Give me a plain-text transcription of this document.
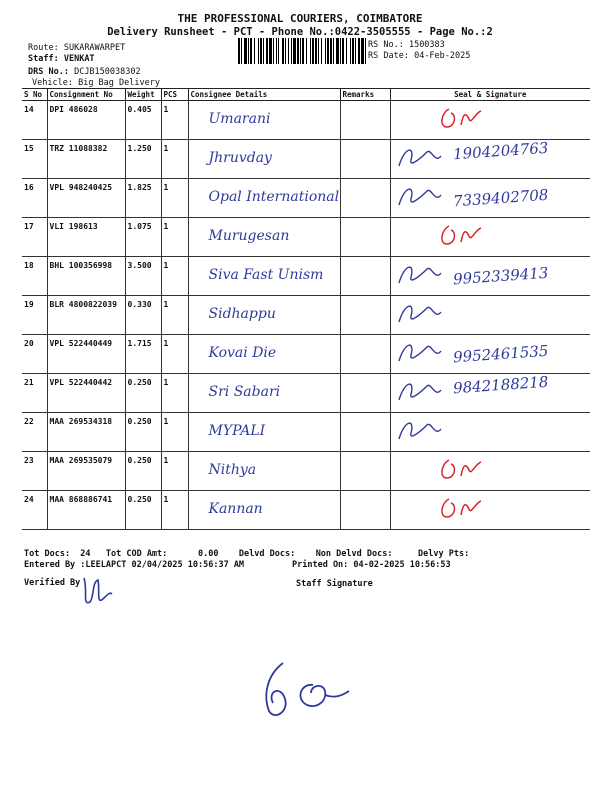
THE PROFESSIONAL COURIERS, COIMBATORE
Delivery Runsheet - PCT - Phone No.:0422-3505555 - Page No.:2
Route: SUKARAWARPET
Staff: VENKAT
DRS No.: DCJB150038302
Vehicle: Big Bag Delivery
RS No.: 1500383
RS Date: 04-Feb-2025
S No	Consignment No	Weight	PCS	Consignee Details	Remarks	Seal & Signature
14	DPI 486028	0.405	1	Umarani

15	TRZ 11088382	1.250	1	Jhruvday		1904204763

16	VPL 948240425	1.825	1	Opal International		7339402708

17	VLI 198613	1.075	1	Murugesan

18	BHL 100356998	3.500	1	Siva Fast Unism		9952339413

19	BLR 4800822039	0.330	1	Sidhappu

20	VPL 522440449	1.715	1	Kovai Die		9952461535

21	VPL 522440442	0.250	1	Sri Sabari		9842188218

22	MAA 269534318	0.250	1	MYPALI

23	MAA 269535079	0.250	1	Nithya

24	MAA 868886741	0.250	1	Kannan

Tot Docs:  24   Tot COD Amt:      0.00    Delvd Docs:    Non Delvd Docs:     Delvy Pts:
Entered By :LEELAPCT 02/04/2025 10:56:37 AM	Printed On: 04-02-2025 10:56:53
Verified By	Staff Signature
